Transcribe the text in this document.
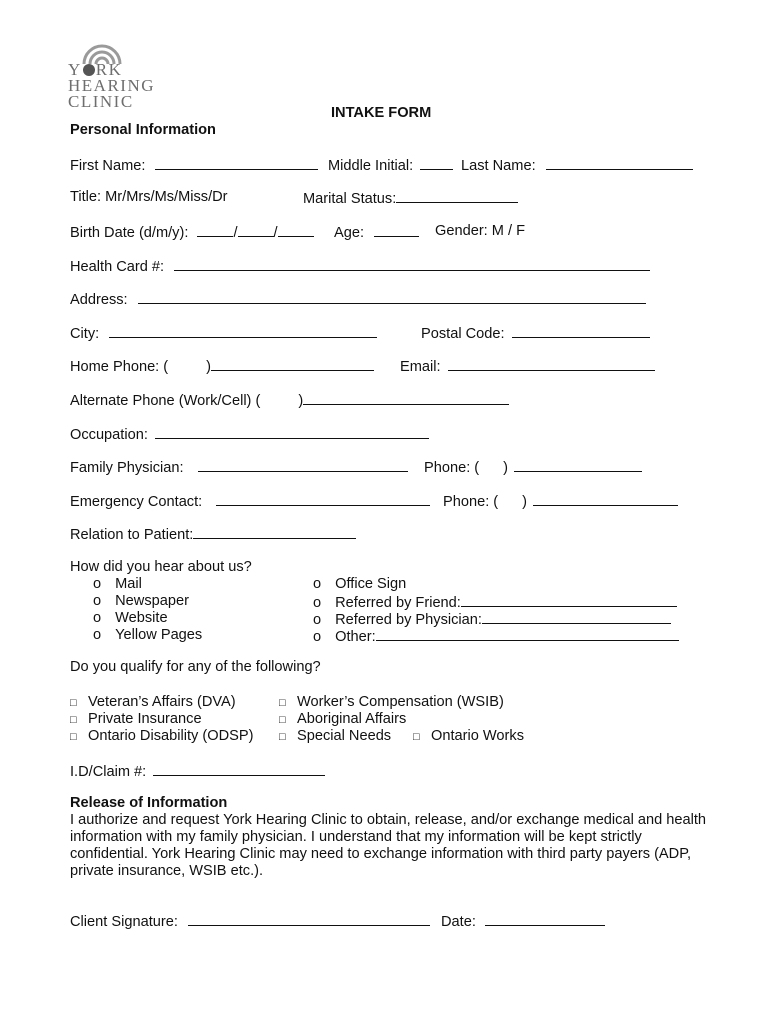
Y RK
HEARING
CLINIC
INTAKE FORM
Personal Information
First Name:	Middle Initial:	Last Name:
Title: Mr/Mrs/Ms/Miss/Dr	Marital Status:
Birth Date (d/m/y):	/ /	Age:	Gender: M / F
Health Card #:
Address:
City:	Postal Code:
Home Phone: (	)	Email:
Alternate Phone (Work/Cell) (	)
Occupation:
Family Physician:	Phone: ( )
Emergency Contact:	Phone: ( )
Relation to Patient:
How did you hear about us?
o Mail
o Newspaper
o Website
o Yellow Pages
o Office Sign
o Referred by Friend:
o Referred by Physician:
o Other:
Do you qualify for any of the following?
□ Veteran’s Affairs (DVA)
□ Private Insurance
□ Ontario Disability (ODSP)
□ Worker’s Compensation (WSIB)
□ Aboriginal Affairs
□ Special Needs □ Ontario Works
I.D/Claim #:
Release of Information
I authorize and request York Hearing Clinic to obtain, release, and/or exchange medical and health information with my family physician. I understand that my information will be kept strictly confidential. York Hearing Clinic may need to exchange information with third party payers (ADP, private insurance, WSIB etc.).
Client Signature:	Date:
